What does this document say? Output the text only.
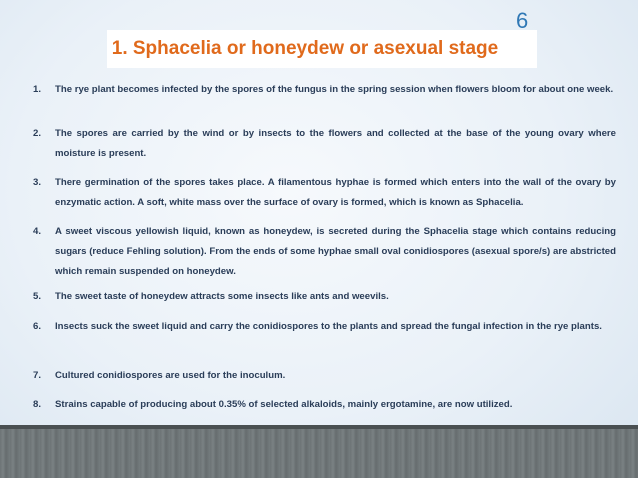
1. Sphacelia or honeydew or asexual stage
6
1. The rye plant becomes infected by the spores of the fungus in the spring session when flowers bloom for about one week.
2. The spores are carried by the wind or by insects to the flowers and collected at the base of the young ovary where moisture is present.
3. There germination of the spores takes place. A filamentous hyphae is formed which enters into the wall of the ovary by enzymatic action. A soft, white mass over the surface of ovary is formed, which is known as Sphacelia.
4. A sweet viscous yellowish liquid, known as honeydew, is secreted during the Sphacelia stage which contains reducing sugars (reduce Fehling solution). From the ends of some hyphae small oval conidiospores (asexual spore/s) are abstricted which remain suspended on honeydew.
5. The sweet taste of honeydew attracts some insects like ants and weevils.
6. Insects suck the sweet liquid and carry the conidiospores to the plants and spread the fungal infection in the rye plants.
7. Cultured conidiospores are used for the inoculum.
8. Strains capable of producing about 0.35% of selected alkaloids, mainly ergotamine, are now utilized.
